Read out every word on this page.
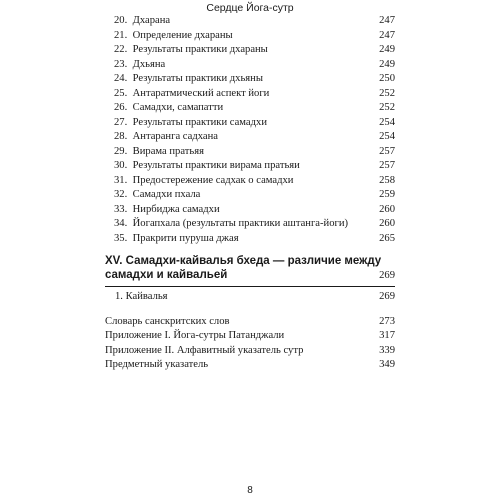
Сердце Йога-сутр
20. Дхарана	247
21. Определение дхараны	247
22. Результаты практики дхараны	249
23. Дхьяна	249
24. Результаты практики дхьяны	250
25. Антаратмический аспект йоги	252
26. Самадхи, самапатти	252
27. Результаты практики самадхи	254
28. Антаранга садхана	254
29. Вирама пратьяя	257
30. Результаты практики вирама пратьяи	257
31. Предостережение садхак о самадхи	258
32. Самадхи пхала	259
33. Нирбиджа самадхи	260
34. Йогапхала (результаты практики аштанга-йоги)	260
35. Пракрити пуруша джая	265
XV. Самадхи-кайвалья бхеда — различие между
самадхи и кайвальей	269
1. Кайвалья	269
Словарь санскритских слов	273
Приложение I. Йога-сутры Патанджали	317
Приложение II. Алфавитный указатель сутр	339
Предметный указатель	349
8
